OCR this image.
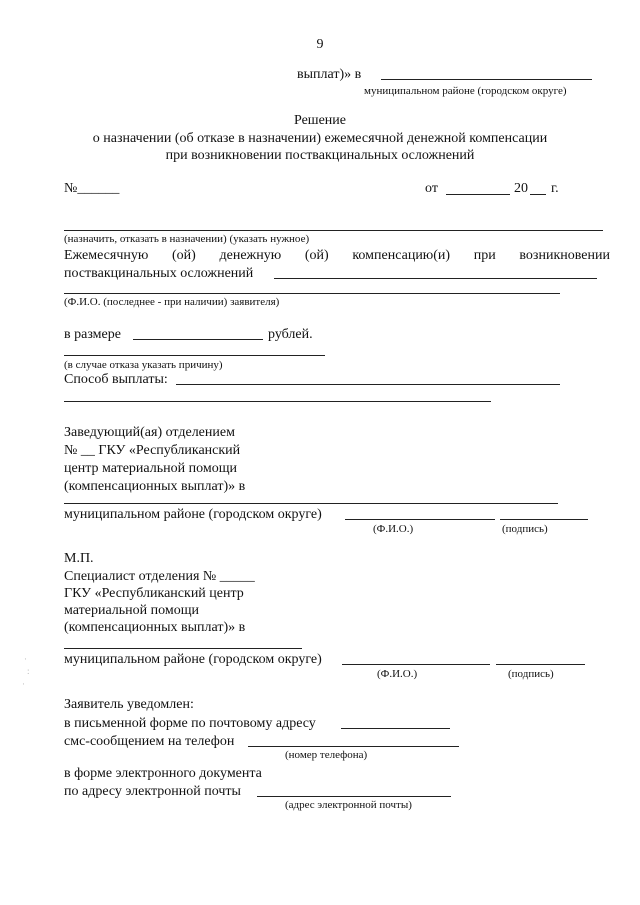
9
выплат)» в
муниципальном районе (городском округе)
Решение
о назначении (об отказе в назначении) ежемесячной денежной компенсации
при возникновении поствакцинальных осложнений
№______	от	20 г.
(назначить, отказать в назначении) (указать нужное)
Ежемесячную (ой) денежную (ой) компенсацию(и) при возникновении
поствакцинальных осложнений
(Ф.И.О. (последнее - при наличии) заявителя)
в размере	рублей.
(в случае отказа указать причину)
Способ выплаты:
Заведующий(ая) отделением
№ __ ГКУ «Республиканский
центр материальной помощи
(компенсационных выплат)» в
муниципальном районе (городском округе)
(Ф.И.О.)	(подпись)
М.П.
Специалист отделения № _____
ГКУ «Республиканский центр
материальной помощи
(компенсационных выплат)» в
муниципальном районе (городском округе)
(Ф.И.О.)	(подпись)
Заявитель уведомлен:
в письменной форме по почтовому адресу
смс-сообщением на телефон
(номер телефона)
в форме электронного документа
по адресу электронной почты
(адрес электронной почты)
·
:
·
